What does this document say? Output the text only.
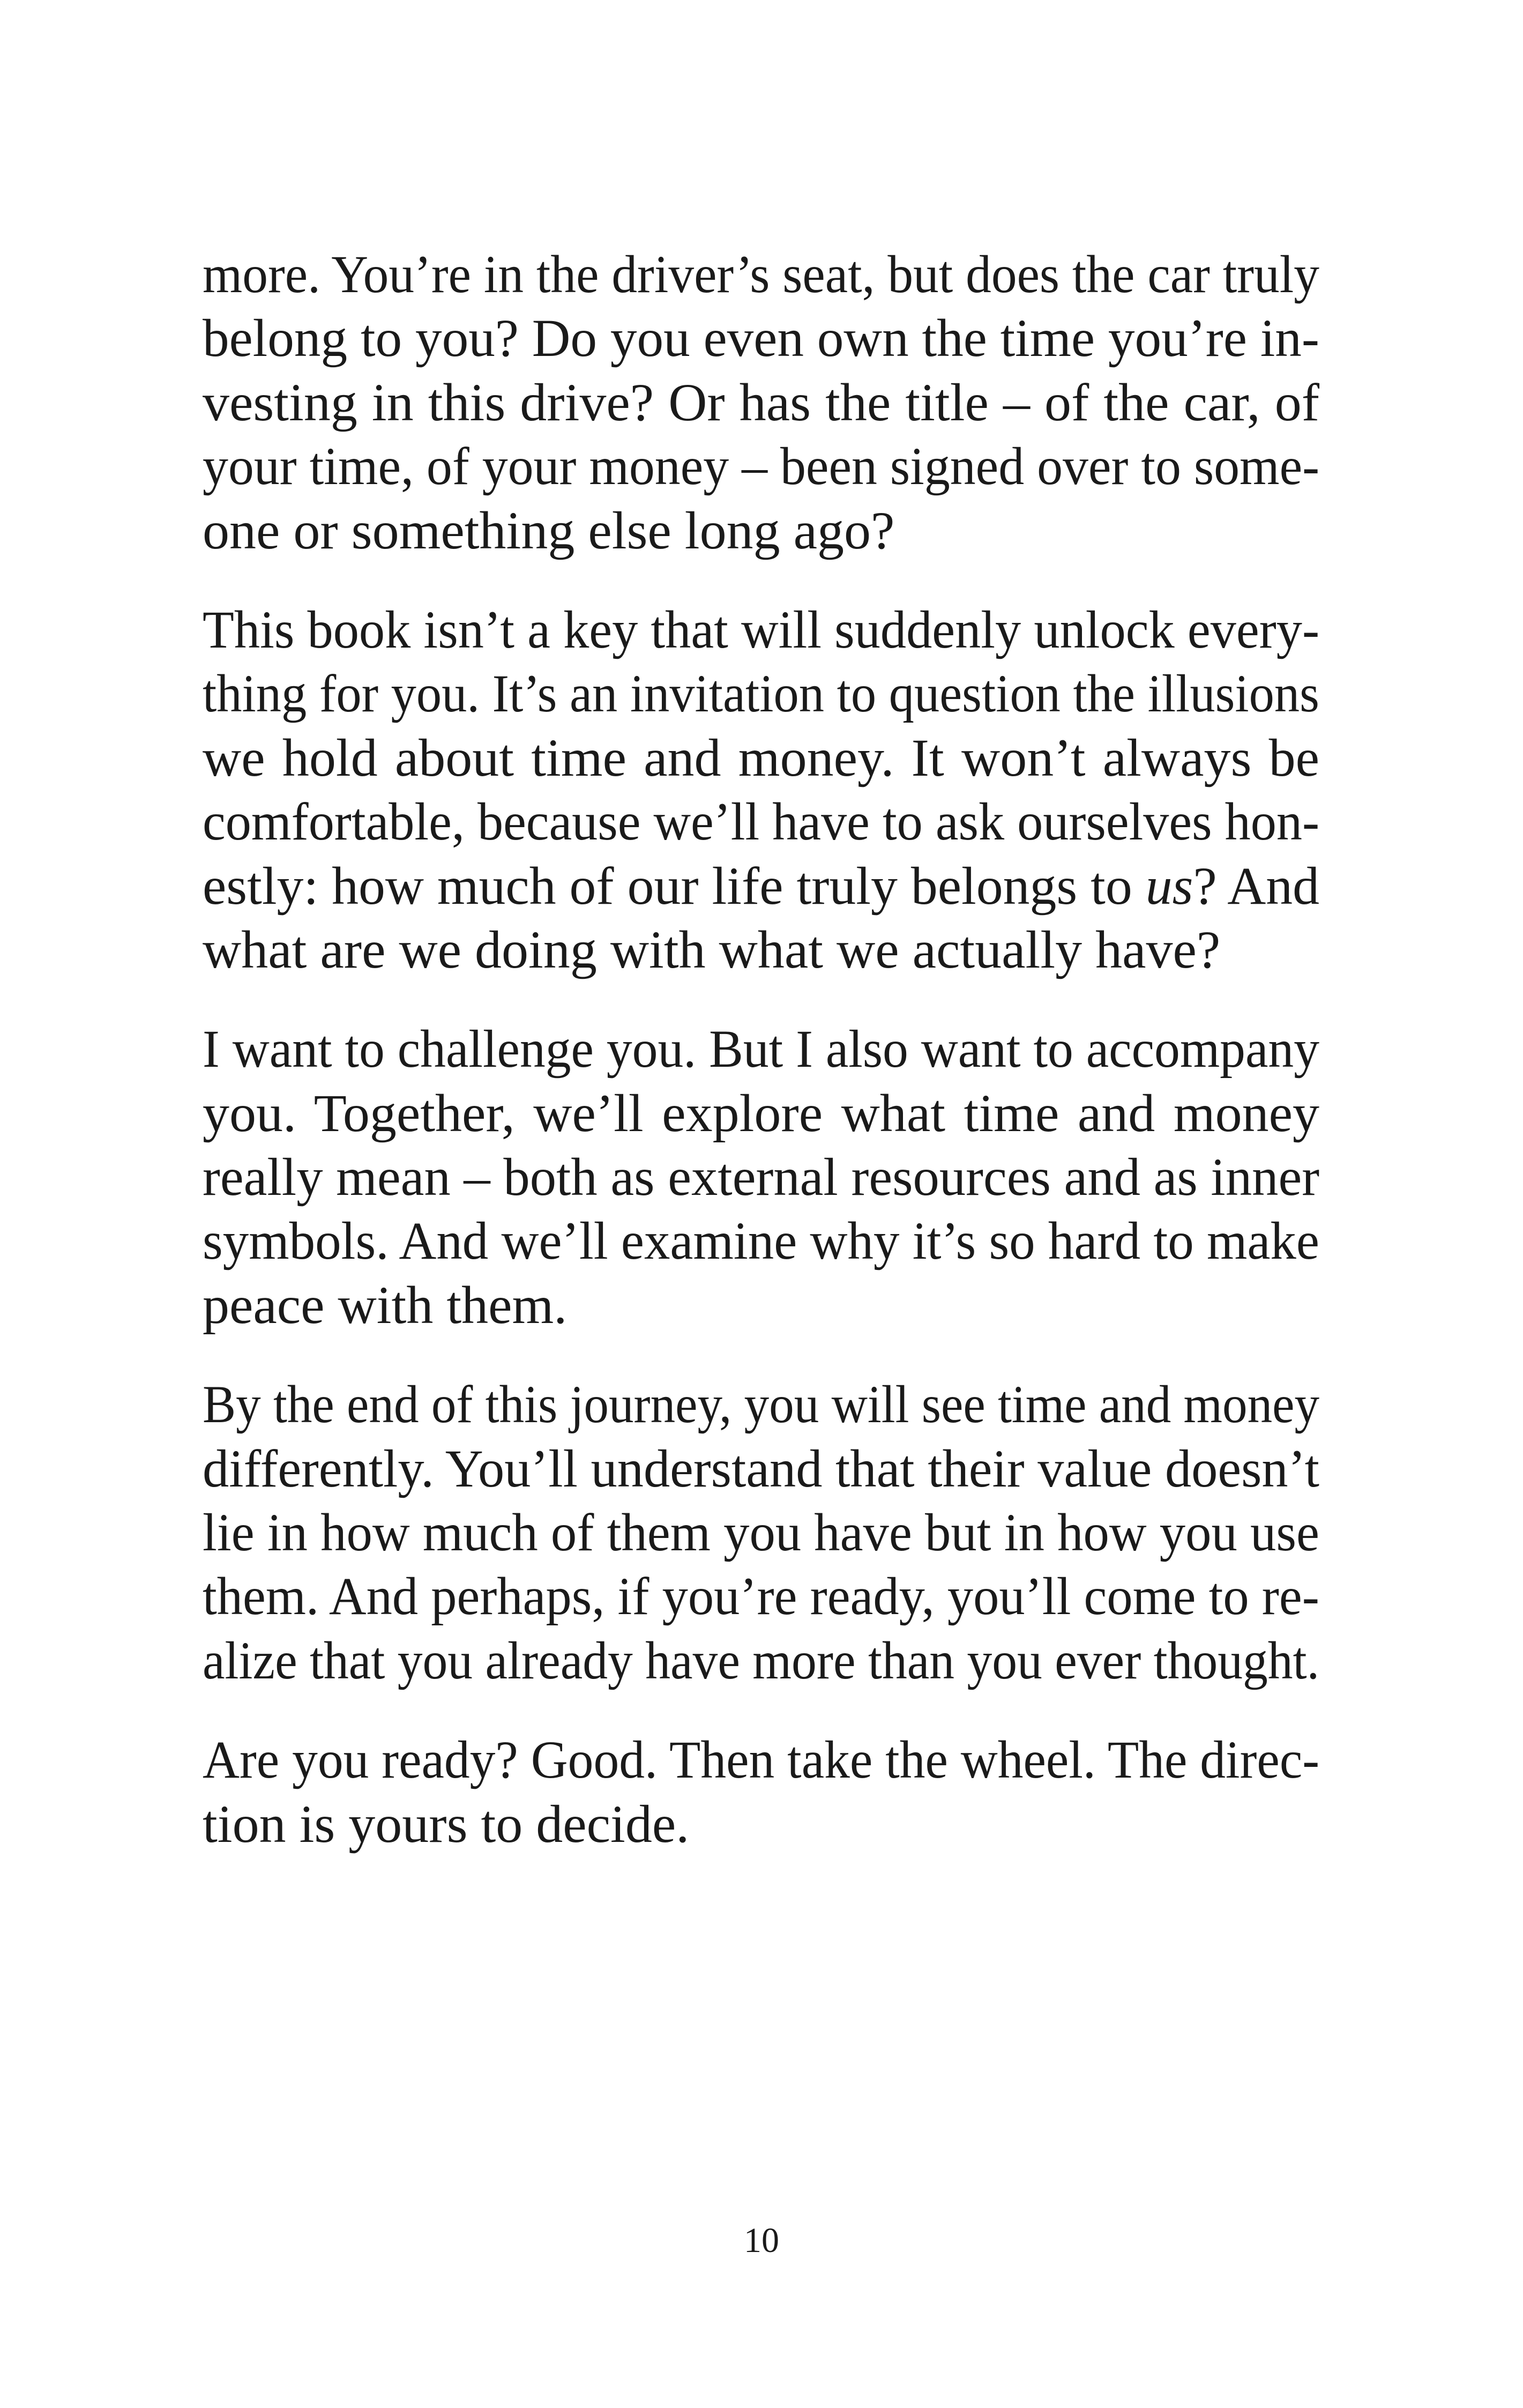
more. You’re in the driver’s seat, but does the car truly
belong to you? Do you even own the time you’re in-
vesting in this drive? Or has the title – of the car, of
your time, of your money – been signed over to some-
one or something else long ago?
This book isn’t a key that will suddenly unlock every-
thing for you. It’s an invitation to question the illusions
we hold about time and money. It won’t always be
comfortable, because we’ll have to ask ourselves hon-
estly: how much of our life truly belongs to us? And
what are we doing with what we actually have?
I want to challenge you. But I also want to accompany
you. Together, we’ll explore what time and money
really mean – both as external resources and as inner
symbols. And we’ll examine why it’s so hard to make
peace with them.
By the end of this journey, you will see time and money
differently. You’ll understand that their value doesn’t
lie in how much of them you have but in how you use
them. And perhaps, if you’re ready, you’ll come to re-
alize that you already have more than you ever thought.
Are you ready? Good. Then take the wheel. The direc-
tion is yours to decide.
10
